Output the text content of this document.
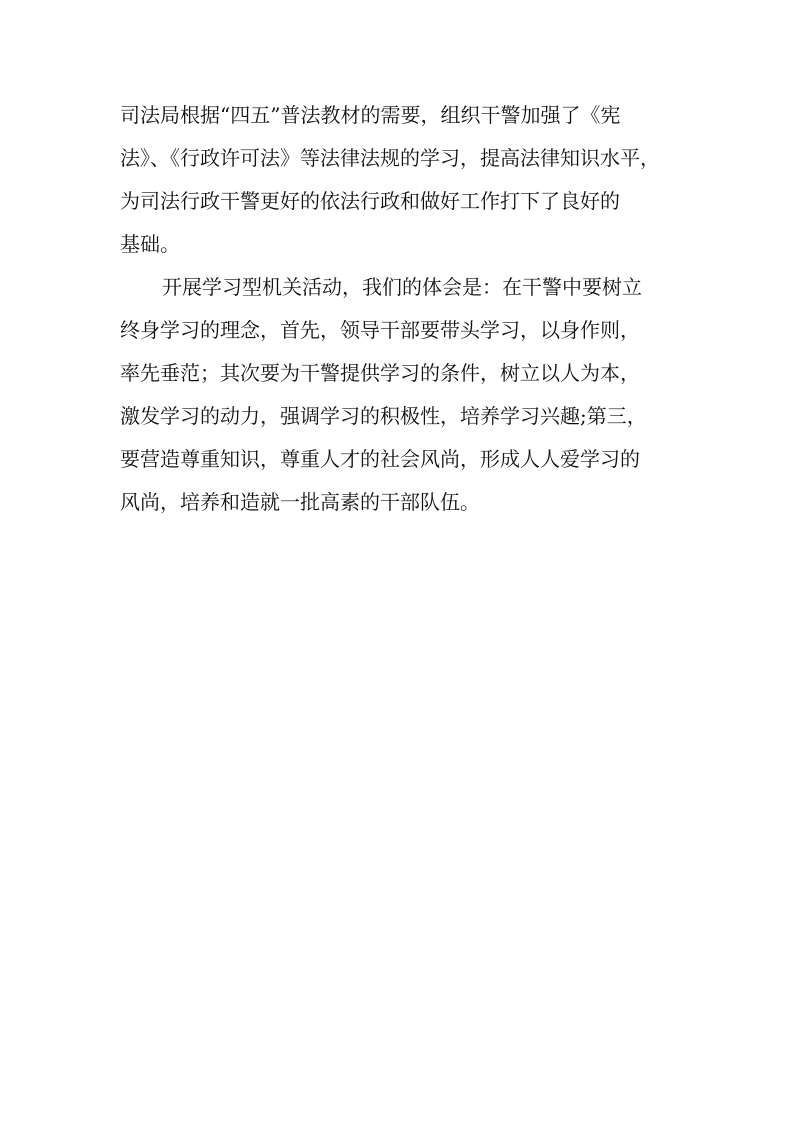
司法局根据“四五”普法教材的需要，组织干警加强了《宪
法》、《行政许可法》等法律法规的学习，提高法律知识水平，
为司法行政干警更好的依法行政和做好工作打下了良好的
基础。
开展学习型机关活动，我们的体会是：在干警中要树立
终身学习的理念，首先，领导干部要带头学习，以身作则，
率先垂范；其次要为干警提供学习的条件，树立以人为本，
激发学习的动力，强调学习的积极性，培养学习兴趣;第三，
要营造尊重知识，尊重人才的社会风尚，形成人人爱学习的
风尚，培养和造就一批高素的干部队伍。
